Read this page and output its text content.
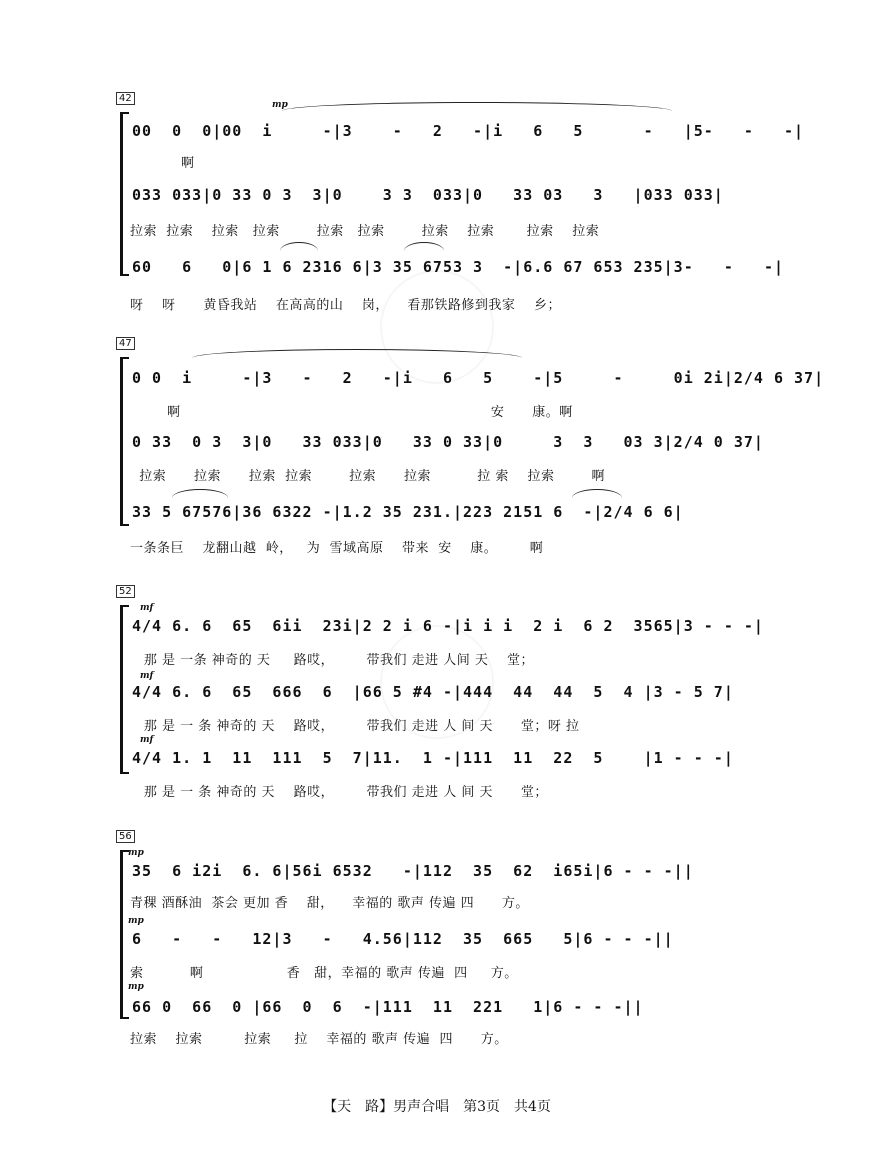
42
mp
00  0  0|00  i     -|3    -   2   -|i   6   5      -   |5-   -   -|
啊
033 033|0 33 0 3  3|0    3 3  033|0   33 03   3   |033 033|
拉索  拉索    拉索   拉索        拉索   拉索        拉索    拉索       拉索    拉索
60   6   0|6 1 6 2316 6|3 35 6753 3  -|6.6 67 653 235|3-   -   -|
呀    呀      黄昏我站    在高高的山    岗，    看那铁路修到我家    乡；
47
0 0  i     -|3   -   2   -|i   6   5    -|5     -     0i 2i|2/4 6 37|
啊                                                                   安      康。啊
0 33  0 3  3|0   33 033|0   33 0 33|0     3  3   03 3|2/4 0 37|
拉索      拉索      拉索  拉索        拉索      拉索          拉 索    拉索        啊
33 5 67576|36 6322 -|1.2 35 231.|223 2151 6  -|2/4 6 6|
一条条巨    龙翻山越  岭，   为  雪域高原    带来  安    康。       啊
52
mf
4/4 6. 6  65  6ii  23i|2 2 i 6 -|i i i  2 i  6 2  3565|3 - - -|
那 是 一条 神奇的 天     路哎，       带我们 走进 人间 天    堂；
mf
4/4 6. 6  65  666  6  |66 5 #4 -|444  44  44  5  4 |3 - 5 7|
那 是 一 条 神奇的 天    路哎，       带我们 走进 人 间 天      堂；呀 拉
mf
4/4 1. 1  11  111  5  7|11.  1 -|111  11  22  5    |1 - - -|
那 是 一 条 神奇的 天    路哎，       带我们 走进 人 间 天      堂；
56
mp
35  6 i2i  6. 6|56i 6532   -|112  35  62  i65i|6 - - -||
青稞 酒酥油  茶会 更加 香    甜，    幸福的 歌声 传遍 四      方。
mp
6   -   -   12|3   -   4.56|112  35  665   5|6 - - -||
索          啊                  香   甜，幸福的 歌声 传遍  四     方。
mp
66 0  66  0 |66  0  6  -|111  11  221   1|6 - - -||
拉索    拉索         拉索     拉    幸福的 歌声 传遍  四      方。
【天　路】男声合唱　第3页　共4页
